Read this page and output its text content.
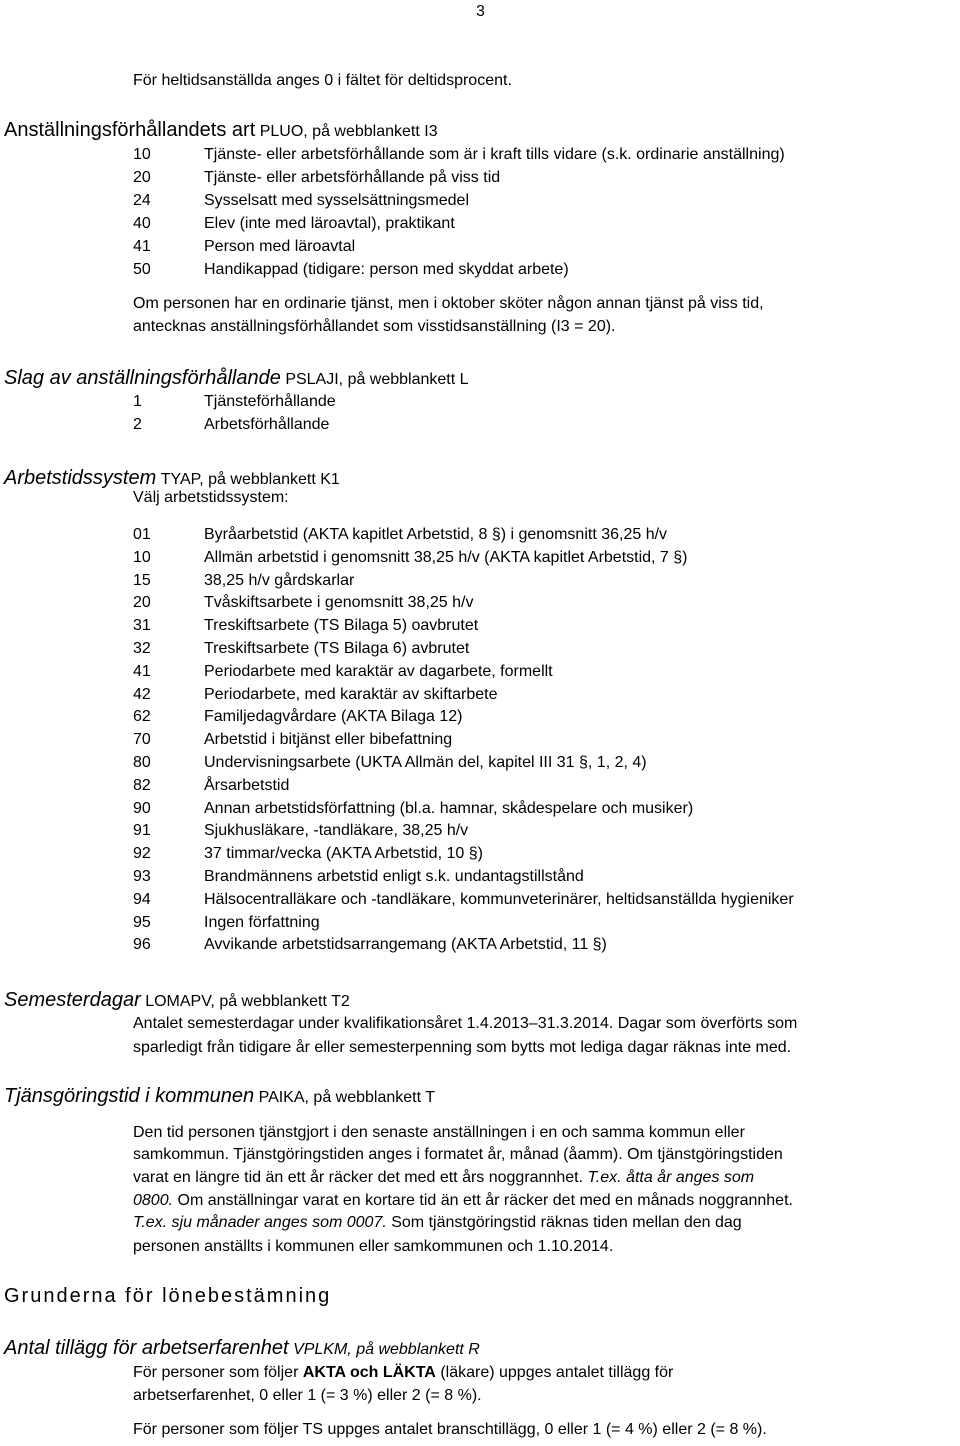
3
För heltidsanställda anges 0 i fältet för deltidsprocent.
Anställningsförhållandets art PLUO, på webblankett I3
10	Tjänste- eller arbetsförhållande som är i kraft tills vidare (s.k. ordinarie anställning)
20	Tjänste- eller arbetsförhållande på viss tid
24	Sysselsatt med sysselsättningsmedel
40	Elev (inte med läroavtal), praktikant
41	Person med läroavtal
50	Handikappad (tidigare: person med skyddat arbete)
Om personen har en ordinarie tjänst, men i oktober sköter någon annan tjänst på viss tid,
antecknas anställningsförhållandet som visstidsanställning (I3 = 20).
Slag av anställningsförhållande PSLAJI, på webblankett L
1	Tjänsteförhållande
2	Arbetsförhållande
Arbetstidssystem TYAP, på webblankett K1
Välj arbetstidssystem:
01	Byråarbetstid (AKTA kapitlet Arbetstid, 8 §) i genomsnitt 36,25 h/v
10	Allmän arbetstid i genomsnitt 38,25 h/v (AKTA kapitlet Arbetstid, 7 §)
15	38,25 h/v gårdskarlar
20	Tvåskiftsarbete i genomsnitt 38,25 h/v
31	Treskiftsarbete (TS Bilaga 5) oavbrutet
32	Treskiftsarbete (TS Bilaga 6) avbrutet
41	Periodarbete med karaktär av dagarbete, formellt
42	Periodarbete, med karaktär av skiftarbete
62	Familjedagvårdare (AKTA Bilaga 12)
70	Arbetstid i bitjänst eller bibefattning
80	Undervisningsarbete (UKTA Allmän del, kapitel III 31 §, 1, 2, 4)
82	Årsarbetstid
90	Annan arbetstidsförfattning (bl.a. hamnar, skådespelare och musiker)
91	Sjukhusläkare, -tandläkare, 38,25 h/v
92	37 timmar/vecka (AKTA Arbetstid, 10 §)
93	Brandmännens arbetstid enligt s.k. undantagstillstånd
94	Hälsocentralläkare och -tandläkare, kommunveterinärer, heltidsanställda hygieniker
95	Ingen författning
96	Avvikande arbetstidsarrangemang (AKTA Arbetstid, 11 §)
Semesterdagar LOMAPV, på webblankett T2
Antalet semesterdagar under kvalifikationsåret 1.4.2013–31.3.2014. Dagar som överförts som
sparledigt från tidigare år eller semesterpenning som bytts mot lediga dagar räknas inte med.
Tjänsgöringstid i kommunen PAIKA, på webblankett T
Den tid personen tjänstgjort i den senaste anställningen i en och samma kommun eller
samkommun. Tjänstgöringstiden anges i formatet år, månad (åamm). Om tjänstgöringstiden
varat en längre tid än ett år räcker det med ett års noggrannhet. T.ex. åtta år anges som
0800. Om anställningar varat en kortare tid än ett år räcker det med en månads noggrannhet.
T.ex. sju månader anges som 0007. Som tjänstgöringstid räknas tiden mellan den dag
personen anställts i kommunen eller samkommunen och 1.10.2014.
Grunderna för lönebestämning
Antal tillägg för arbetserfarenhet VPLKM, på webblankett R
För personer som följer AKTA och LÄKTA (läkare) uppges antalet tillägg för
arbetserfarenhet, 0 eller 1 (= 3 %) eller 2 (= 8 %).
För personer som följer TS uppges antalet branschtillägg, 0 eller 1 (= 4 %) eller 2 (= 8 %).
